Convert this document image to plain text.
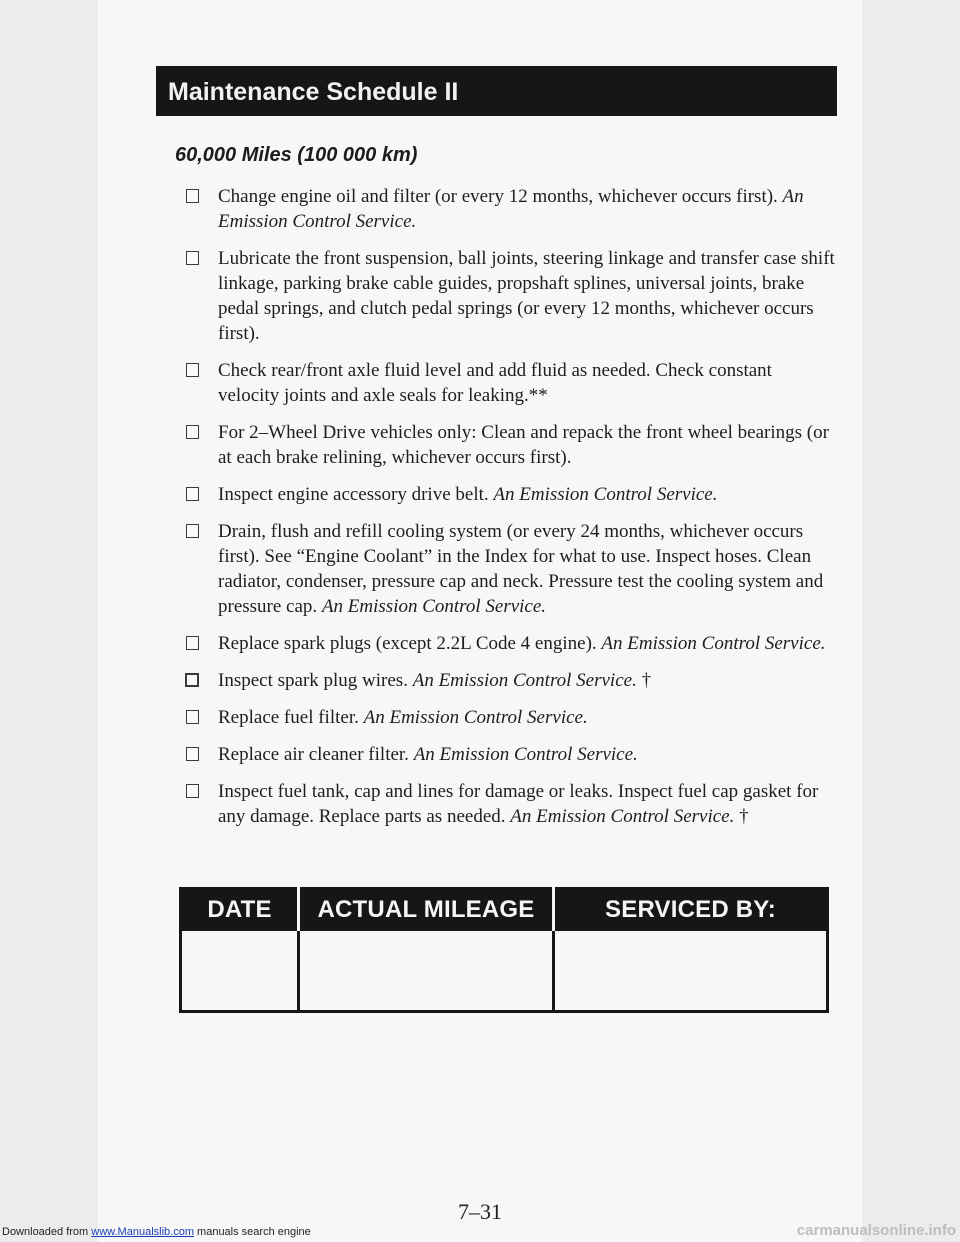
Maintenance Schedule II
60,000 Miles (100 000 km)
Change engine oil and filter (or every 12 months, whichever occurs first). An Emission Control Service.
Lubricate the front suspension, ball joints, steering linkage and transfer case shift linkage, parking brake cable guides, propshaft splines, universal joints, brake pedal springs, and clutch pedal springs (or every 12 months, whichever occurs first).
Check rear/front axle fluid level and add fluid as needed. Check constant velocity joints and axle seals for leaking.**
For 2–Wheel Drive vehicles only: Clean and repack the front wheel bearings (or at each brake relining, whichever occurs first).
Inspect engine accessory drive belt. An Emission Control Service.
Drain, flush and refill cooling system (or every 24 months, whichever occurs first). See “Engine Coolant” in the Index for what to use. Inspect hoses. Clean radiator, condenser, pressure cap and neck. Pressure test the cooling system and pressure cap. An Emission Control Service.
Replace spark plugs (except 2.2L Code 4 engine). An Emission Control Service.
Inspect spark plug wires. An Emission Control Service. †
Replace fuel filter. An Emission Control Service.
Replace air cleaner filter. An Emission Control Service.
Inspect fuel tank, cap and lines for damage or leaks. Inspect fuel cap gasket for any damage. Replace parts as needed. An Emission Control Service. †
DATE	ACTUAL MILEAGE	SERVICED BY:

7–31
Downloaded from www.Manualslib.com manuals search engine	carmanualsonline.info
